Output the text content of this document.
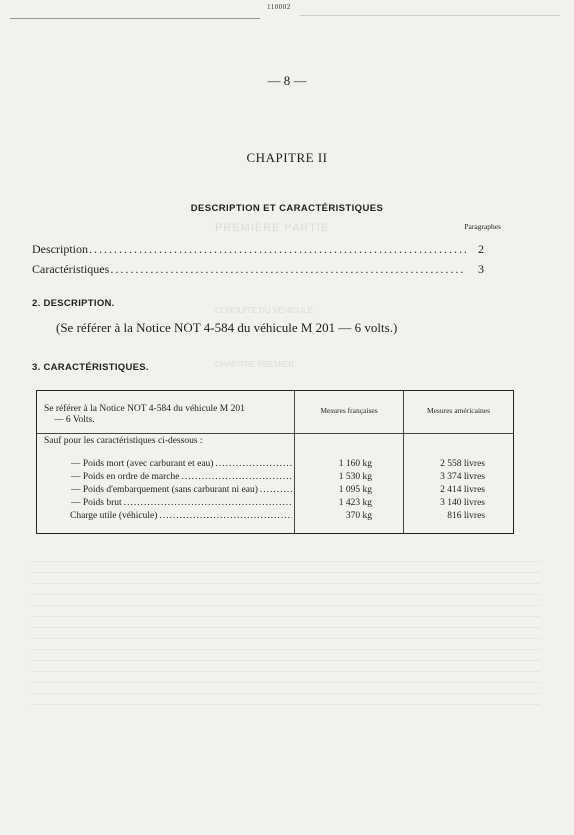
110002
— 8 —
CHAPITRE II
DESCRIPTION ET CARACTÉRISTIQUES
Paragraphes
Description .....	2
Caractéristiques .....	3
2. DESCRIPTION.
(Se référer à la Notice NOT 4-584 du véhicule M 201 — 6 volts.)
3. CARACTÉRISTIQUES.
Se référer à la Notice NOT 4-584 du véhicule M 201
— 6 Volts.
Mesures françaises	Mesures américaines
Sauf pour les caractéristiques ci-dessous :
— Poids mort (avec carburant et eau) .....	1 160 kg	2 558 livres
— Poids en ordre de marche .....	1 530 kg	3 374 livres
— Poids d'embarquement (sans carburant ni eau) .....	1 095 kg	2 414 livres
— Poids brut .....	1 423 kg	3 140 livres
Charge utile (véhicule) .....	370 kg	816 livres
PREMIÈRE PARTIE
CONDUITE DU VÉHICULE
CHAPITRE PREMIER
